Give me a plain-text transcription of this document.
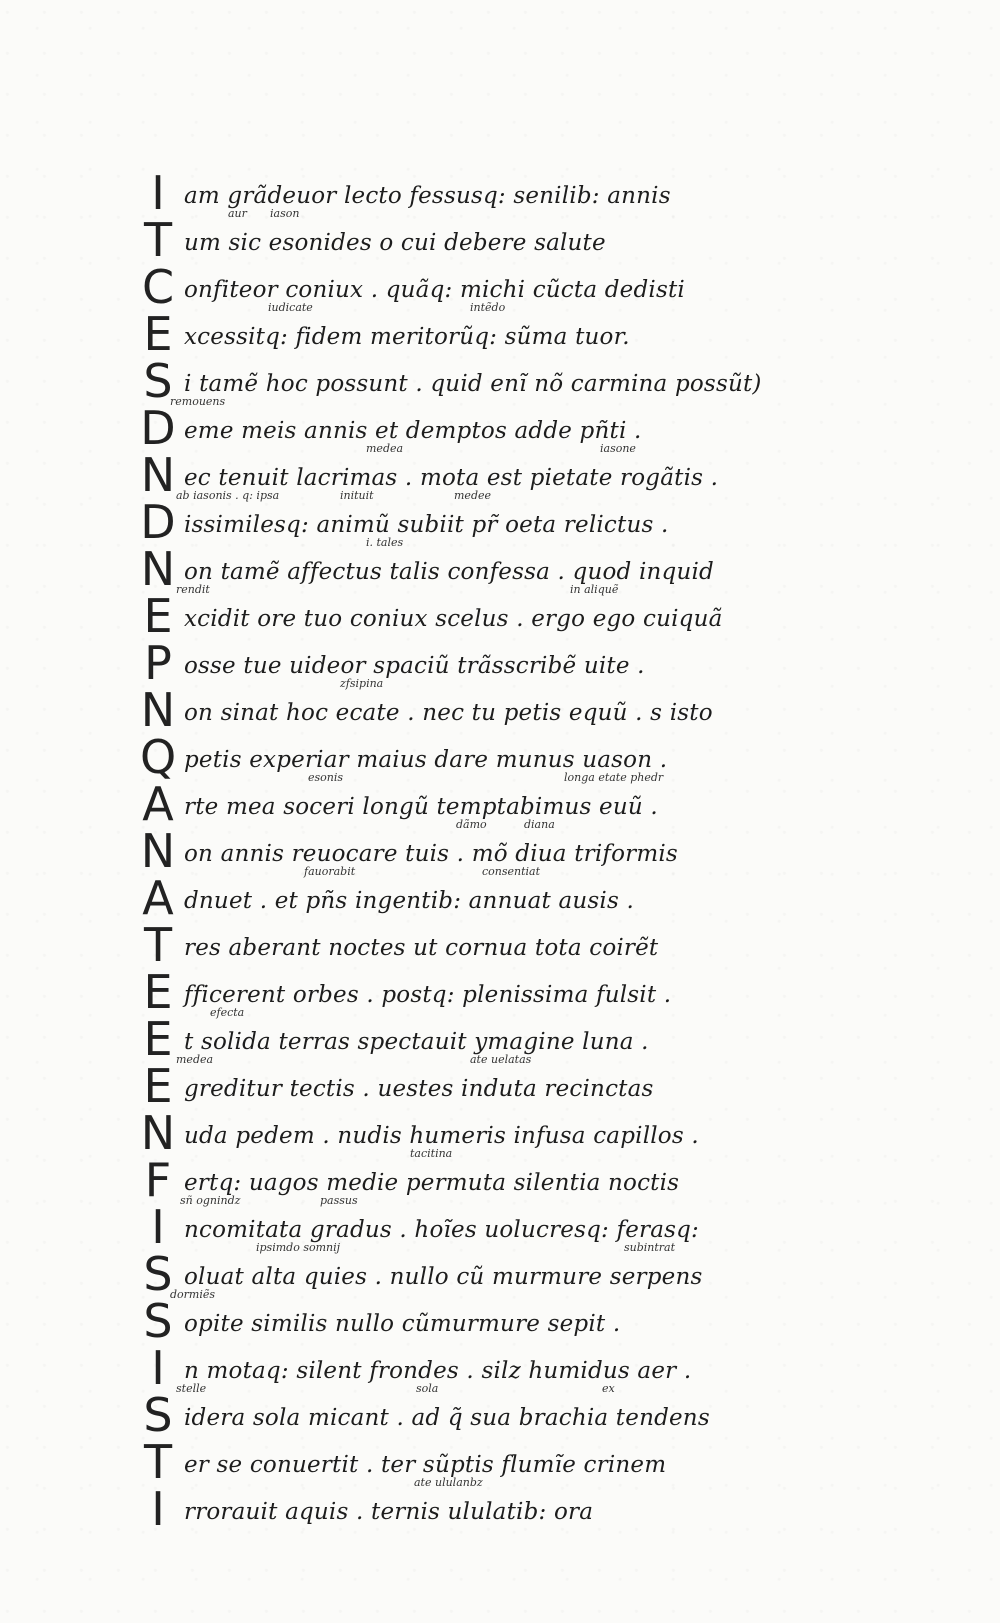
I am grãdeuor lecto fessusq: senilib: annis
aur iason
T um sic esonides o cui debere salute
C onfiteor coniux . quãq: michi cũcta dedisti
iudicate	intẽdo
E xcessitq: fidem meritorũq: sũma tuor.
S i tamẽ hoc possunt . quid enĩ nõ carmina possũt)
remouens
D eme meis annis et demptos adde pñti .
medea	iasone
N ec tenuit lacrimas . mota est pietate rogãtis .
ab iasonis . q: ipsa	inituit	medee
D issimilesq: animũ subiit pr̃ oeta relictus .
i. tales
N on tamẽ affectus talis confessa . quod inquid
rendit	in aliquẽ
E xcidit ore tuo coniux scelus . ergo ego cuiquã
P osse tue uideor spaciũ trãsscribẽ uite .
zfsipina
N on sinat hoc ecate . nec tu petis equũ . s isto
Q petis experiar maius dare munus uason .
esonis	longa etate phedr
A rte mea soceri longũ temptabimus euũ .
dãmo	diana
N on annis reuocare tuis . mõ diua triformis
fauorabit	consentiat
A dnuet . et pñs ingentib: annuat ausis .
T res aberant noctes ut cornua tota coirẽt
E fficerent orbes . postq: plenissima fulsit .
efecta
E t solida terras spectauit ymagine luna .
medea	ate uelatas
E greditur tectis . uestes induta recinctas
N uda pedem . nudis humeris infusa capillos .
tacitina
F ertq: uagos medie permuta silentia noctis
sñ ognindz	passus
I ncomitata gradus . hoĩes uolucresq: ferasq:
ipsimdo somnij	subintrat
S oluat alta quies . nullo cũ murmure serpens
dormiẽs
S opite similis nullo cũmurmure sepit .
I n motaq: silent frondes . silz humidus aer .
stelle	sola	ex
S idera sola micant . ad q̃ sua brachia tendens
T er se conuertit . ter sũptis flumĩe crinem
ate ululanbz
I rrorauit aquis . ternis ululatib: ora
